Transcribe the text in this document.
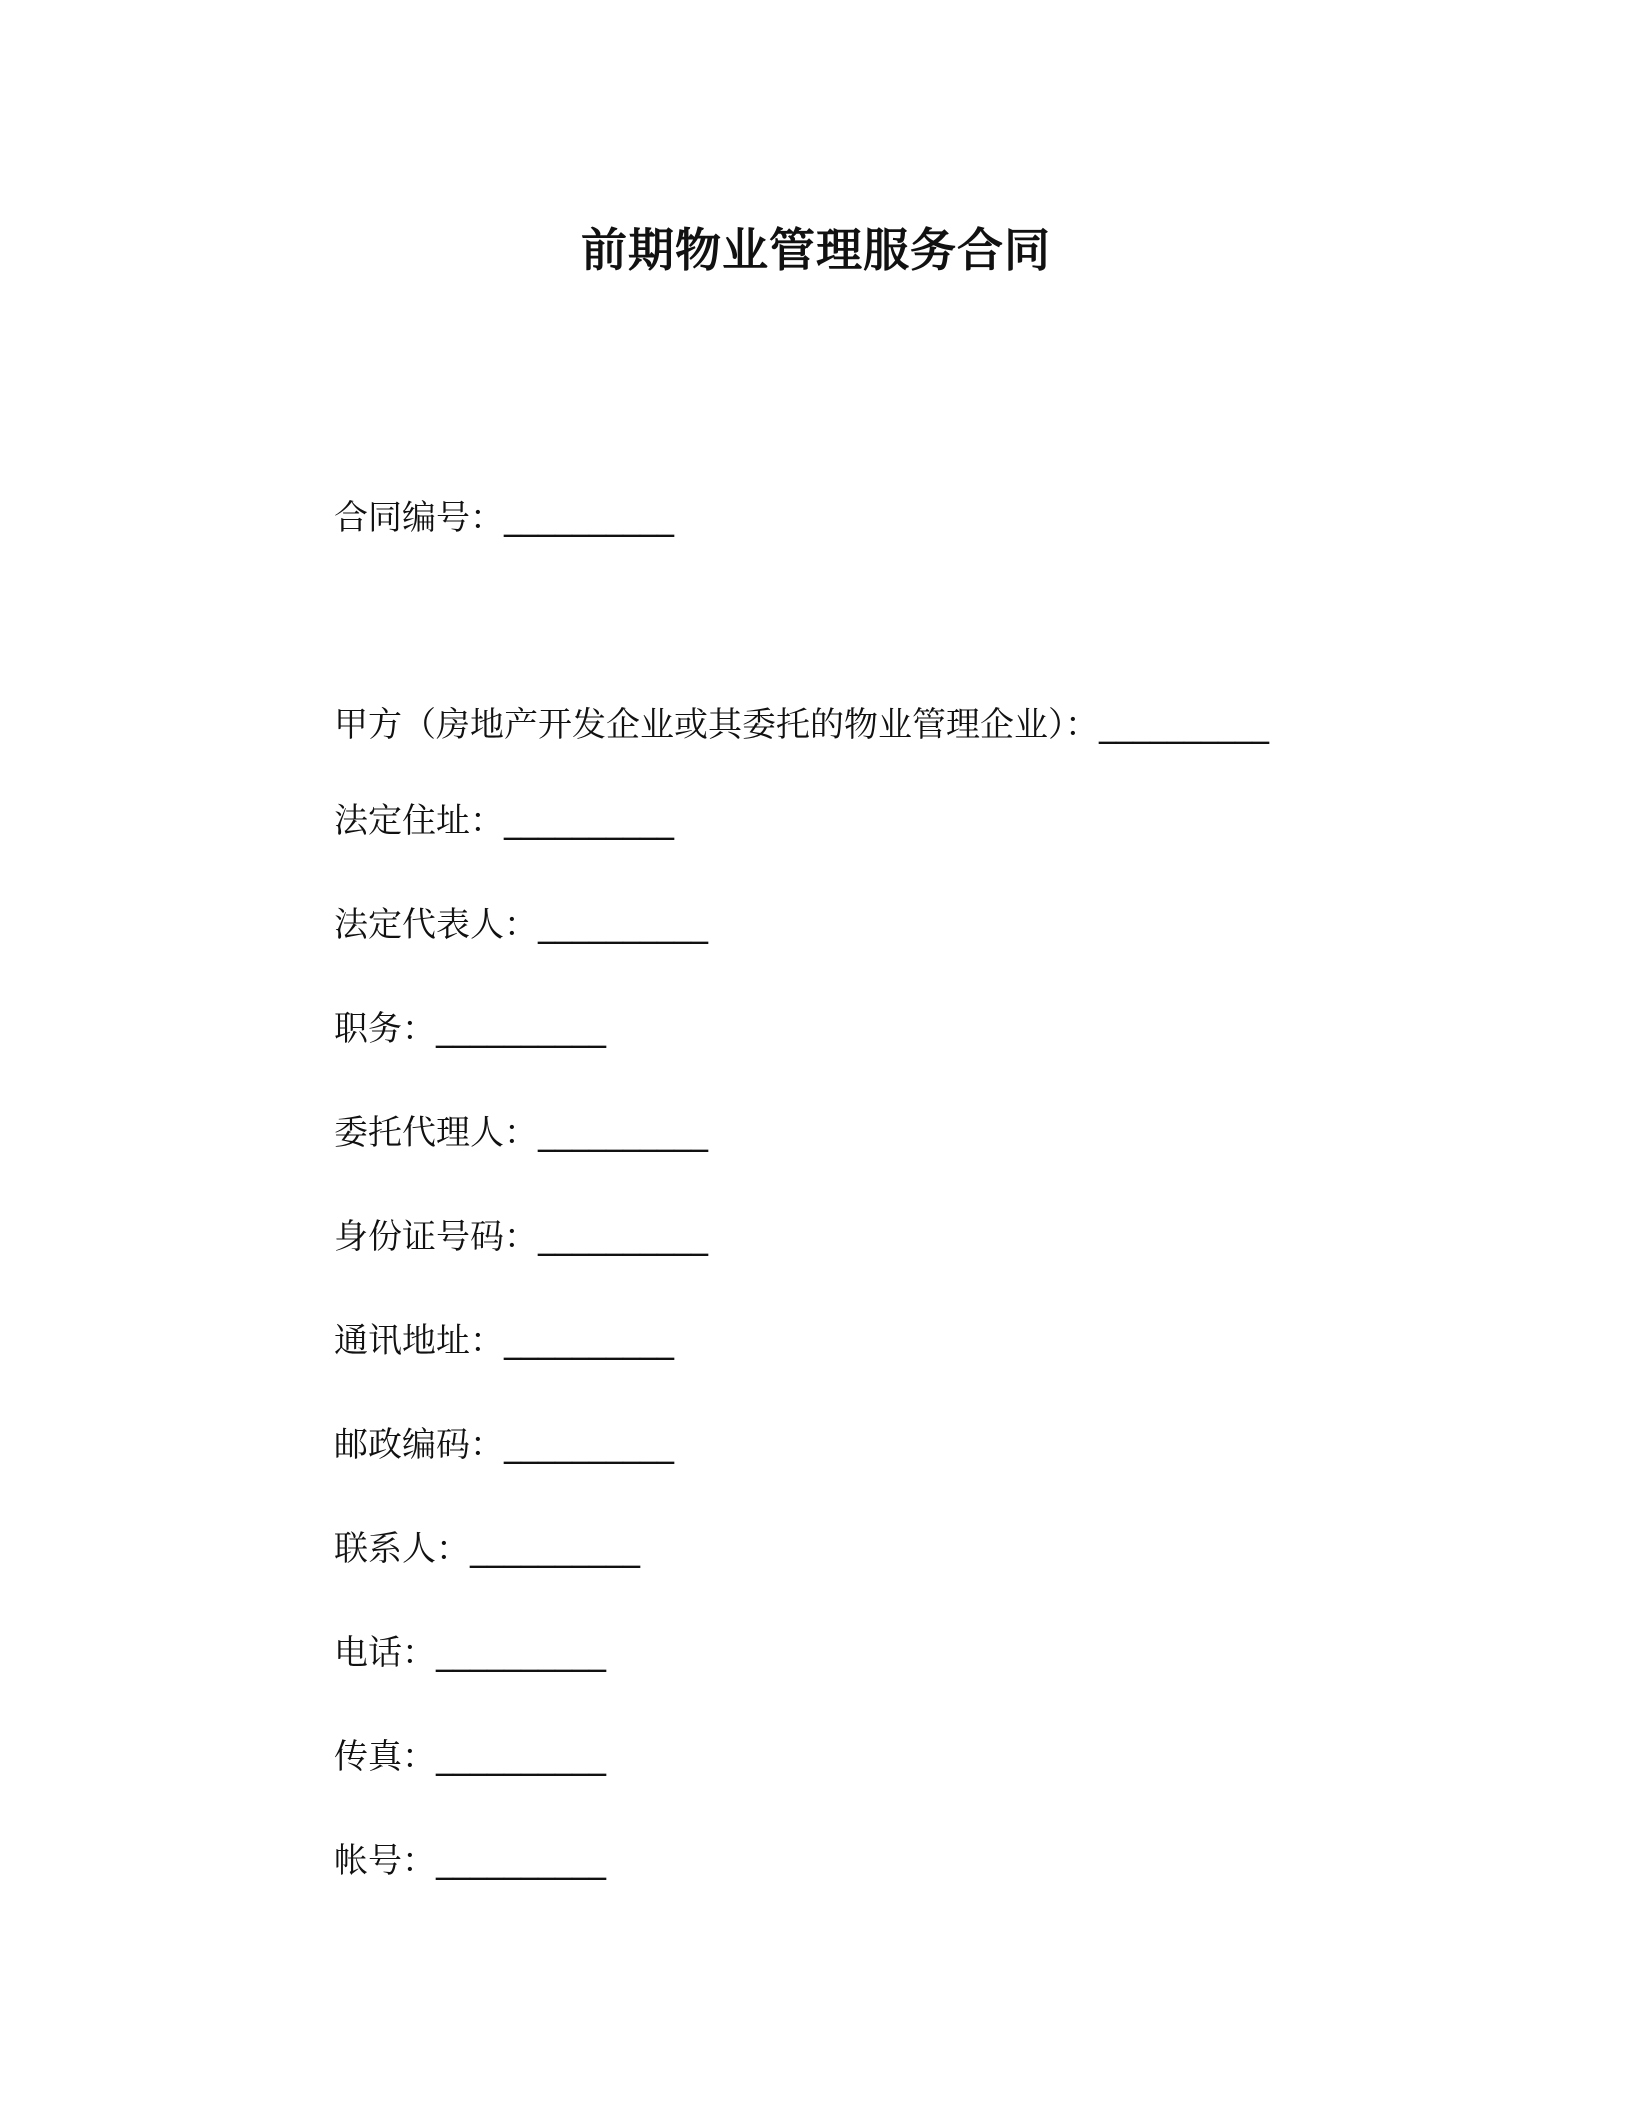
前期物业管理服务合同
合同编号：__________
甲方（房地产开发企业或其委托的物业管理企业）：__________
法定住址：__________
法定代表人：__________
职务：__________
委托代理人：__________
身份证号码：__________
通讯地址：__________
邮政编码：__________
联系人：__________
电话：__________
传真：__________
帐号：__________
